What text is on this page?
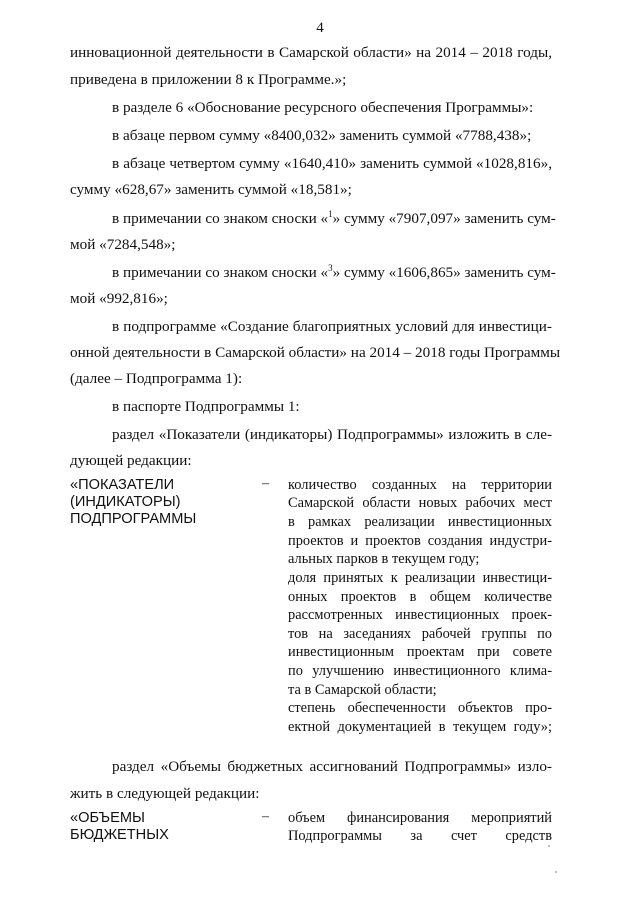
4
инновационной деятельности в Самарской области» на 2014 – 2018 годы,
приведена в приложении 8 к Программе.»;
в разделе 6 «Обоснование ресурсного обеспечения Программы»:
в абзаце первом сумму «8400,032» заменить суммой «7788,438»;
в абзаце четвертом сумму «1640,410» заменить суммой «1028,816»,
сумму «628,67» заменить суммой «18,581»;
в примечании со знаком сноски «$^1$» сумму «7907,097» заменить сум-
мой «7284,548»;
в примечании со знаком сноски «$^3$» сумму «1606,865» заменить сум-
мой «992,816»;
в подпрограмме «Создание благоприятных условий для инвестици-
онной деятельности в Самарской области» на 2014 – 2018 годы Программы
(далее – Подпрограмма 1):
в паспорте Подпрограммы 1:
раздел «Показатели (индикаторы) Подпрограммы» изложить в сле-
дующей редакции:
«ПОКАЗАТЕЛИ
(ИНДИКАТОРЫ)
ПОДПРОГРАММЫ
– количество созданных на территории
Самарской области новых рабочих мест
в рамках реализации инвестиционных
проектов и проектов создания индустри-
альных парков в текущем году;
доля принятых к реализации инвестици-
онных проектов в общем количестве
рассмотренных инвестиционных проек-
тов на заседаниях рабочей группы по
инвестиционным проектам при совете
по улучшению инвестиционного клима-
та в Самарской области;
степень обеспеченности объектов про-
ектной документацией в текущем году»;
раздел «Объемы бюджетных ассигнований Подпрограммы» изло-
жить в следующей редакции:
«ОБЪЕМЫ
БЮДЖЕТНЫХ
– объем финансирования мероприятий
Подпрограммы за счет средств
